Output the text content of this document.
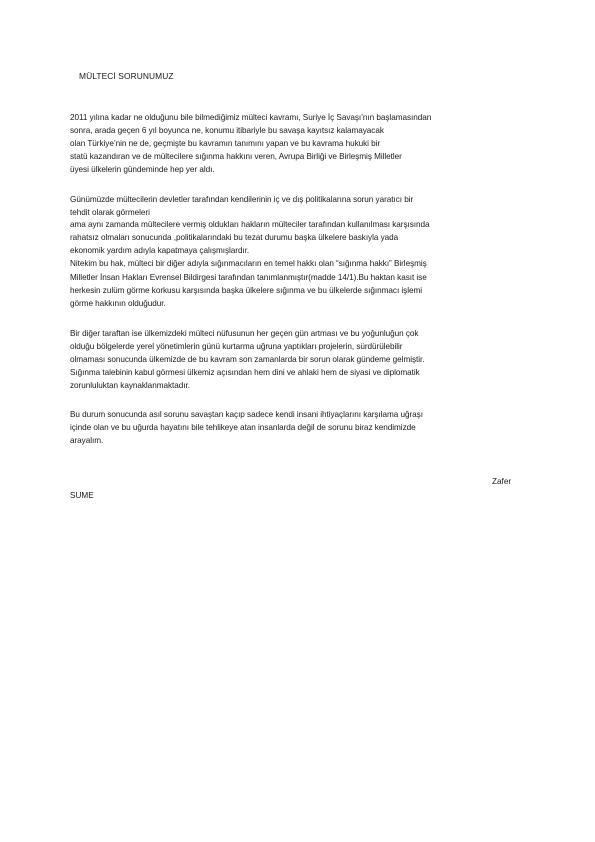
MÜLTECİ SORUNUMUZ
2011 yılına kadar ne olduğunu bile bilmediğimiz mülteci kavramı, Suriye İç Savaşı’nın başlamasından
sonra, arada geçen 6 yıl boyunca ne, konumu itibariyle bu savaşa kayıtsız kalamayacak
olan Türkiye’nin ne de, geçmişte bu kavramın tanımını yapan ve bu kavrama hukuki bir
statü kazandıran ve de mültecilere sığınma hakkını veren, Avrupa Birliği ve Birleşmiş Milletler
üyesi ülkelerin gündeminde hep yer aldı.
Günümüzde mültecilerin devletler tarafından kendilerinin iç ve dış politikalarına sorun yaratıcı bir
tehdit olarak görmeleri
ama aynı zamanda mültecilere vermiş oldukları hakların mülteciler tarafından kullanılması karşısında
rahatsız olmaları sonucunda ,politikalarındaki bu tezat durumu başka ülkelere baskıyla yada
ekonomik yardım adıyla kapatmaya çalışmışlardır.
Nitekim bu hak, mülteci bir diğer adıyla sığınmacıların en temel hakkı olan “sığınma hakkı” Birleşmiş
Milletler İnsan Hakları Evrensel Bildirgesi tarafından tanımlanmıştır(madde 14/1).Bu haktan kasıt ise
herkesin zulüm görme korkusu karşısında başka ülkelere sığınma ve bu ülkelerde sığınmacı işlemi
görme hakkının olduğudur.
Bir diğer taraftan ise ülkemizdeki mülteci nüfusunun her geçen gün artması ve bu yoğunluğun çok
olduğu bölgelerde yerel yönetimlerin günü kurtarma uğruna yaptıkları projelerin, sürdürülebilir
olmaması sonucunda ülkemizde de bu kavram son zamanlarda bir sorun olarak gündeme gelmiştir.
Sığınma talebinin kabul görmesi ülkemiz açısından hem dini ve ahlaki hem de siyasi ve diplomatik
zorunluluktan kaynaklanmaktadır.
Bu durum sonucunda asıl sorunu savaştan kaçıp sadece kendi insani ihtiyaçlarını karşılama uğraşı
içinde olan ve bu uğurda hayatını bile tehlikeye atan insanlarda değil de sorunu biraz kendimizde
arayalım.
Zafer
SUME
